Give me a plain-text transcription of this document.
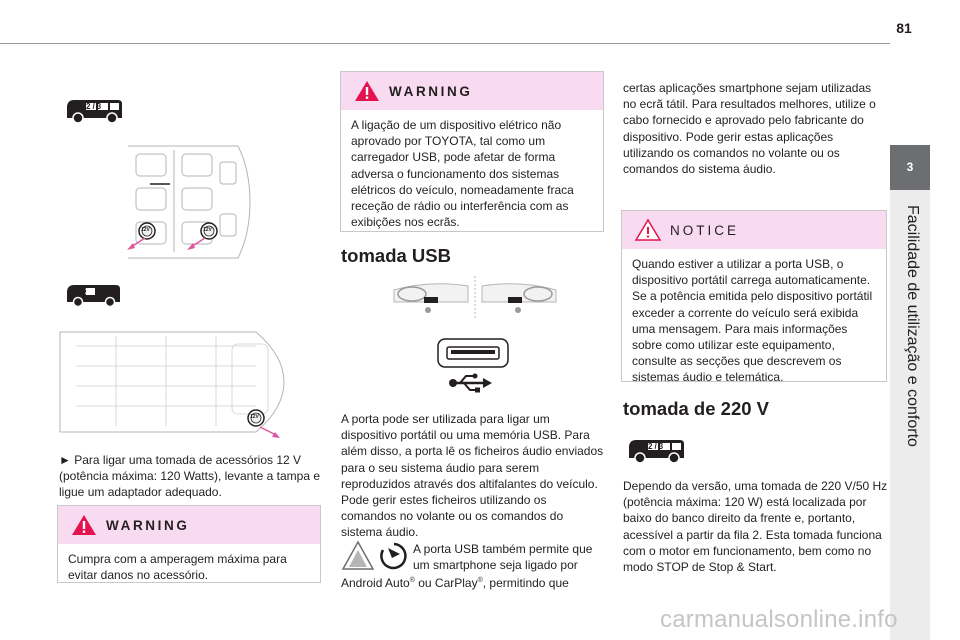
81
3
Facilidade de utilização e conforto
2/3
12V	12V
2
12V
► Para ligar uma tomada de acessórios 12 V (potência máxima: 120 Watts), levante a tampa e ligue um adaptador adequado.
WARNING
Cumpra com a amperagem máxima para evitar danos no acessório.
WARNING
A ligação de um dispositivo elétrico não aprovado por TOYOTA, tal como um carregador USB, pode afetar de forma adversa o funcionamento dos sistemas elétricos do veículo, nomeadamente fraca receção de rádio ou interferência com as exibições nos ecrãs.
tomada USB
A porta pode ser utilizada para ligar um dispositivo portátil ou uma memória USB. Para além disso, a porta lê os ficheiros áudio enviados para o seu sistema áudio para serem reproduzidos através dos altifalantes do veículo. Pode gerir estes ficheiros utilizando os comandos no volante ou os comandos do sistema áudio.
A porta USB também permite que
um smartphone seja ligado por
Android Auto® ou CarPlay®, permitindo que
certas aplicações smartphone sejam utilizadas no ecrã tátil. Para resultados melhores, utilize o cabo fornecido e aprovado pelo fabricante do dispositivo. Pode gerir estas aplicações utilizando os comandos no volante ou os comandos do sistema áudio.
NOTICE
Quando estiver a utilizar a porta USB, o dispositivo portátil carrega automaticamente. Se a potência emitida pelo dispositivo portátil exceder a corrente do veículo será exibida uma mensagem. Para mais informações sobre como utilizar este equipamento, consulte as secções que descrevem os sistemas áudio e telemática.
tomada de 220 V
2/3
Dependo da versão, uma tomada de 220 V/50 Hz (potência máxima: 120 W) está localizada por baixo do banco direito da frente e, portanto, acessível a partir da fila 2. Esta tomada funciona com o motor em funcionamento, bem como no modo STOP de Stop & Start.
carmanualsonline.info
